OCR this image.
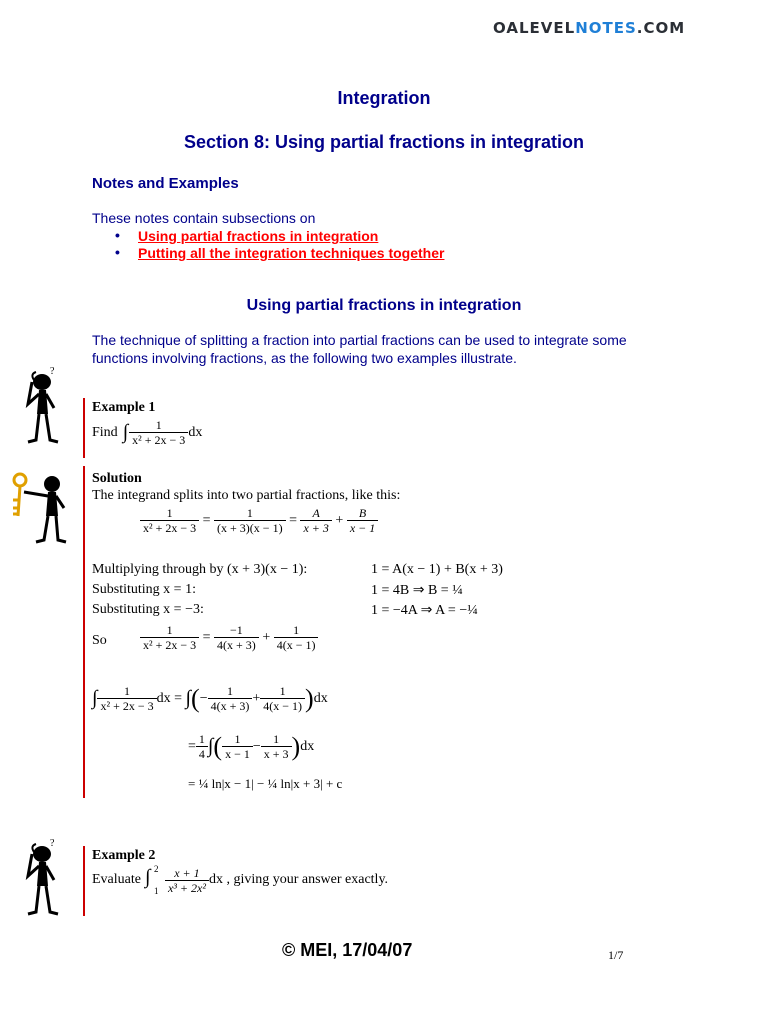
OALEVELNOTES.COM
Integration
Section 8: Using partial fractions in integration
Notes and Examples
These notes contain subsections on
• Using partial fractions in integration
• Putting all the integration techniques together
Using partial fractions in integration
The technique of splitting a fraction into partial fractions can be used to integrate some functions involving fractions, as the following two examples illustrate.
?
?
Example 1
Find ∫ $\frac{1}{\text{x² + 2x − 3}}$ dx
Solution
The integrand splits into two partial fractions, like this:
$\frac{1}{\text{x² + 2x − 3}} = \frac{1}{(x + 3)(x - 1)} = \frac{A}{x + 3} + \frac{B}{x - 1}$
Multiplying through by (x + 3)(x − 1):	1 = A(x − 1) + B(x + 3)
Substituting x = 1:	1 = 4B ⇒ B = ¼
Substituting x = −3:	1 = −4A ⇒ A = −¼
So	$\frac{1}{\text{x² + 2x − 3}} = \frac{-1}{4(x + 3)} + \frac{1}{4(x - 1)}$
∫ $\frac{1}{\text{x² + 2x − 3}}$ dx = ∫ ( − $\frac{1}{4(x + 3)} + \frac{1}{4(x - 1)}$ ) dx
= $\frac{1}{4}$ ∫ ( $\frac{1}{x - 1} - \frac{1}{x + 3}$ ) dx
= ¼ ln|x − 1| − ¼ ln|x + 3| + c
Example 2
Evaluate ∫ 2
$1 \frac{x + 1}{\text{x³ + 2x²}}$ dx , giving your answer exactly.
© MEI, 17/04/07	1/7
